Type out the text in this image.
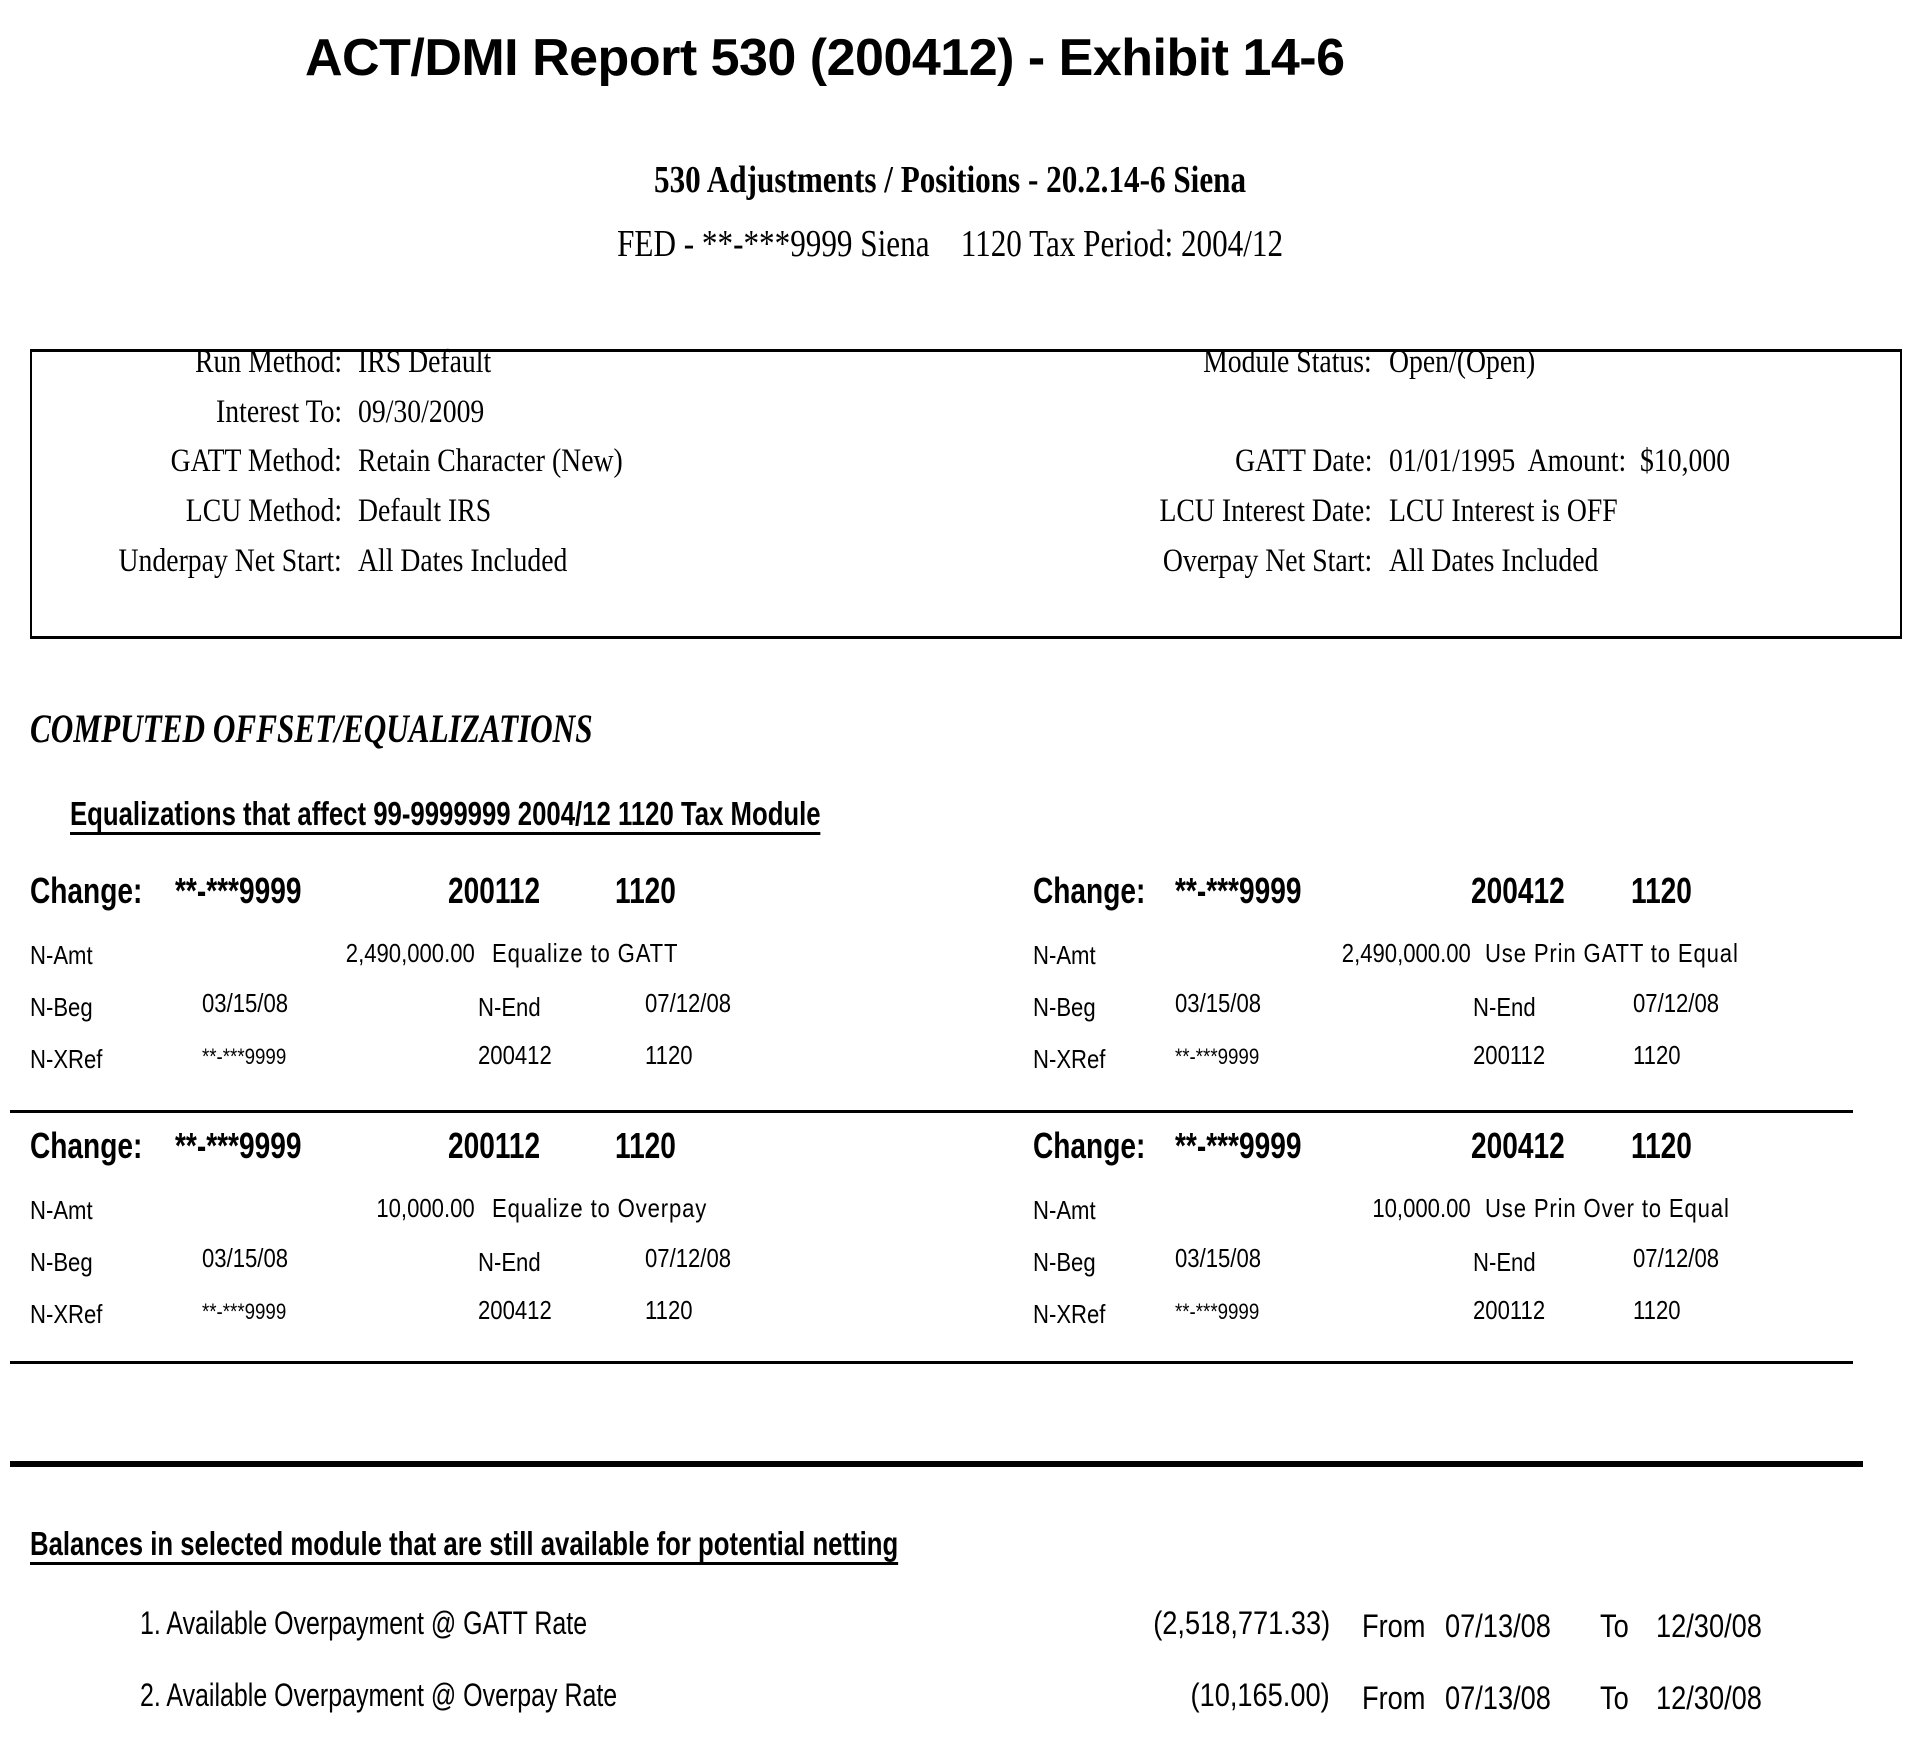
ACT/DMI Report 530 (200412) - Exhibit 14-6
530 Adjustments / Positions - 20.2.14-6 Siena
FED - **-***9999 Siena    1120 Tax Period: 2004/12
Run Method: IRS Default
Interest To: 09/30/2009
GATT Method: Retain Character (New)
LCU Method: Default IRS
Underpay Net Start: All Dates Included
Module Status: Open/(Open)
GATT Date: 01/01/1995  Amount:  $10,000
LCU Interest Date: LCU Interest is OFF
Overpay Net Start: All Dates Included
COMPUTED OFFSET/EQUALIZATIONS
Equalizations that affect 99-9999999 2004/12 1120 Tax Module
Change: **-***9999	200112	1120
N-Amt	2,490,000.00 Equalize to GATT
N-Beg	03/15/08	N-End	07/12/08
N-XRef	**-***9999	200412	1120
Change: **-***9999	200412	1120
N-Amt	2,490,000.00 Use Prin GATT to Equal
N-Beg	03/15/08	N-End	07/12/08
N-XRef	**-***9999	200112	1120
Change: **-***9999	200112	1120
N-Amt	10,000.00 Equalize to Overpay
N-Beg	03/15/08	N-End	07/12/08
N-XRef	**-***9999	200412	1120
Change: **-***9999	200412	1120
N-Amt	10,000.00 Use Prin Over to Equal
N-Beg	03/15/08	N-End	07/12/08
N-XRef	**-***9999	200112	1120
Balances in selected module that are still available for potential netting
1. Available Overpayment @ GATT Rate	(2,518,771.33) From 07/13/08	To 12/30/08
2. Available Overpayment @ Overpay Rate	(10,165.00) From 07/13/08	To 12/30/08
